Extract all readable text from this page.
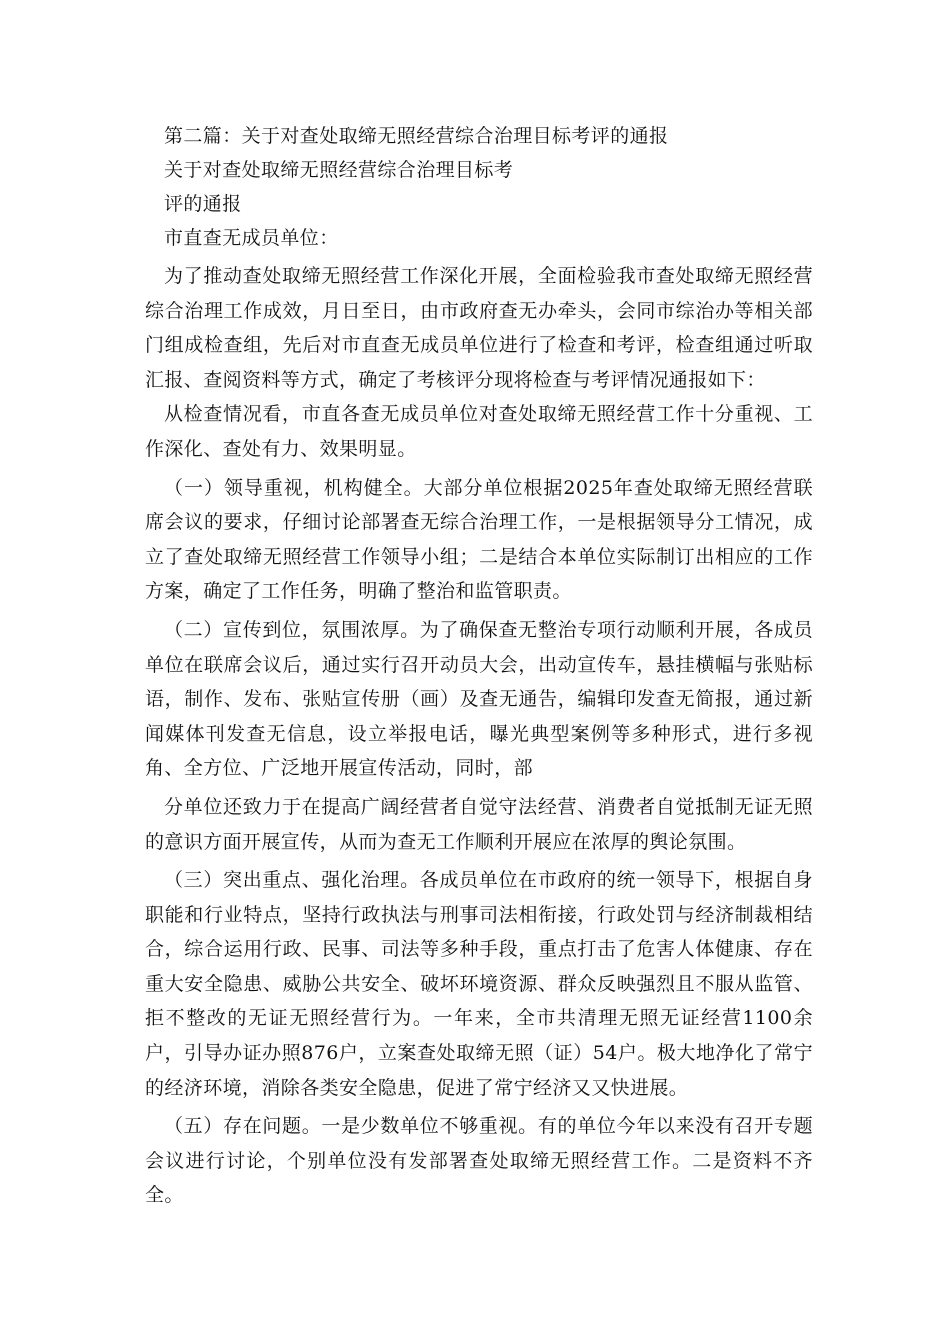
第二篇：关于对查处取缔无照经营综合治理目标考评的通报
关于对查处取缔无照经营综合治理目标考
评的通报
市直查无成员单位：

为了推动查处取缔无照经营工作深化开展，全面检验我市查处取缔无照经营综合治理工作成效，月日至日，由市政府查无办牵头，会同市综治办等相关部门组成检查组，先后对市直查无成员单位进行了检查和考评，检查组通过听取汇报、查阅资料等方式，确定了考核评分现将检查与考评情况通报如下：

从检查情况看，市直各查无成员单位对查处取缔无照经营工作十分重视、工作深化、查处有力、效果明显。

（一）领导重视，机构健全。大部分单位根据2025年查处取缔无照经营联席会议的要求，仔细讨论部署查无综合治理工作，一是根据领导分工情况，成立了查处取缔无照经营工作领导小组；二是结合本单位实际制订出相应的工作方案，确定了工作任务，明确了整治和监管职责。

（二）宣传到位，氛围浓厚。为了确保查无整治专项行动顺利开展，各成员单位在联席会议后，通过实行召开动员大会，出动宣传车，悬挂横幅与张贴标语，制作、发布、张贴宣传册（画）及查无通告，编辑印发查无简报，通过新闻媒体刊发查无信息，设立举报电话，曝光典型案例等多种形式，进行多视角、全方位、广泛地开展宣传活动，同时，部

分单位还致力于在提高广阔经营者自觉守法经营、消费者自觉抵制无证无照的意识方面开展宣传，从而为查无工作顺利开展应在浓厚的舆论氛围。

（三）突出重点、强化治理。各成员单位在市政府的统一领导下，根据自身职能和行业特点，坚持行政执法与刑事司法相衔接，行政处罚与经济制裁相结合，综合运用行政、民事、司法等多种手段，重点打击了危害人体健康、存在重大安全隐患、威胁公共安全、破坏环境资源、群众反映强烈且不服从监管、拒不整改的无证无照经营行为。一年来，全市共清理无照无证经营1100余户，引导办证办照876户，立案查处取缔无照（证）54户。极大地净化了常宁的经济环境，消除各类安全隐患，促进了常宁经济又又快进展。

（五）存在问题。一是少数单位不够重视。有的单位今年以来没有召开专题会议进行讨论，个别单位没有发部署查处取缔无照经营工作。二是资料不齐全。
